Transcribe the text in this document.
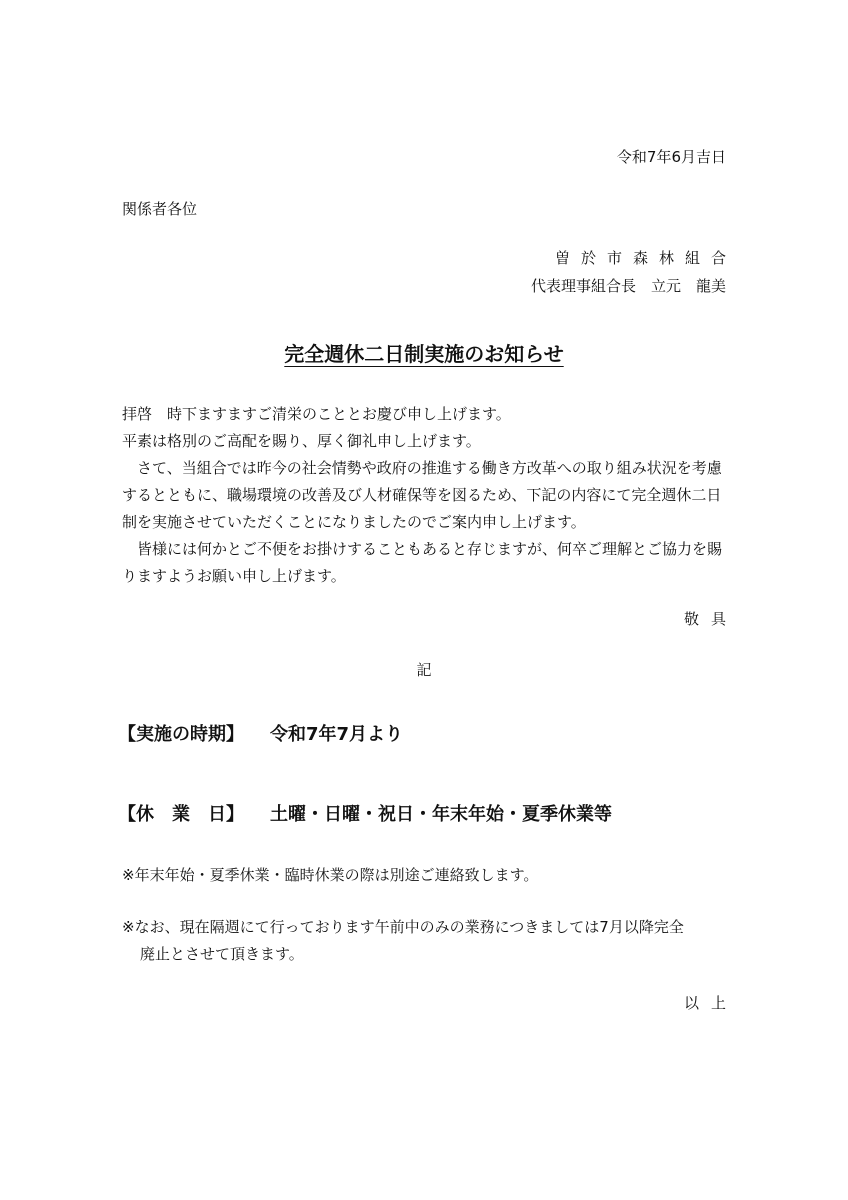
令和7年6月吉日
関係者各位
曽於市森林組合
代表理事組合長　立元　龍美
完全週休二日制実施のお知らせ

拝啓　時下ますますご清栄のこととお慶び申し上げます。

平素は格別のご高配を賜り、厚く御礼申し上げます。

さて、当組合では昨今の社会情勢や政府の推進する働き方改革への取り組み状況を考慮するとともに、職場環境の改善及び人材確保等を図るため、下記の内容にて完全週休二日制を実施させていただくことになりましたのでご案内申し上げます。

皆様には何かとご不便をお掛けすることもあると存じますが、何卒ご理解とご協力を賜りますようお願い申し上げます。

敬具
記
【実施の時期】 令和7年7月より
【休　業　日】 土曜・日曜・祝日・年末年始・夏季休業等
※年末年始・夏季休業・臨時休業の際は別途ご連絡致します。
※なお、現在隔週にて行っております午前中のみの業務につきましては7月以降完全
廃止とさせて頂きます。
以上
